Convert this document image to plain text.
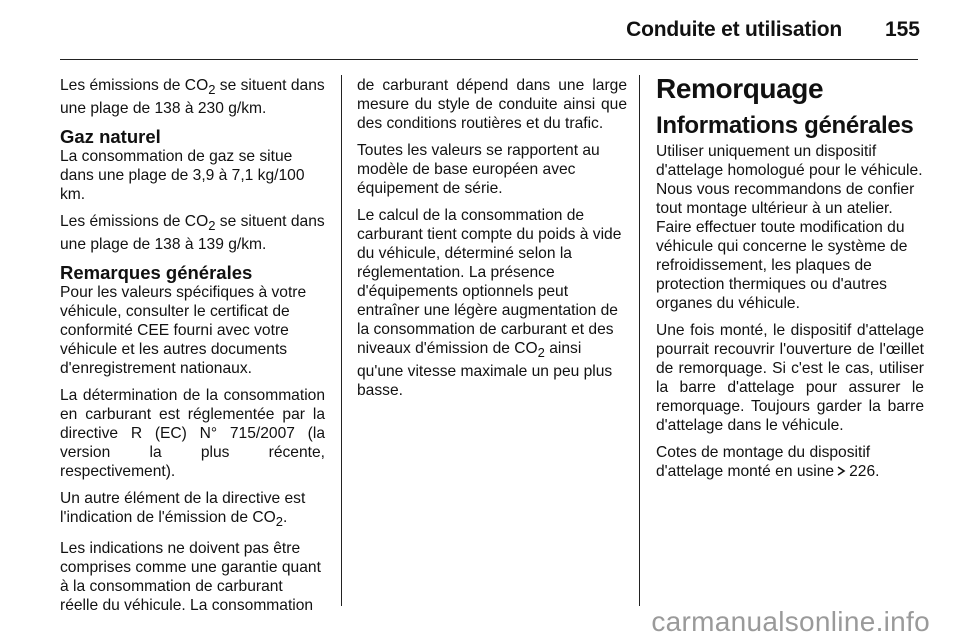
Conduite et utilisation 155

Les émissions de $CO_2$ se situent dans une plage de 138 à 230 g/km.

Gaz naturel

La consommation de gaz se situe dans une plage de 3,9 à 7,1 kg/100 km.

Les émissions de $CO_2$ se situent dans une plage de 138 à 139 g/km.

Remarques générales

Pour les valeurs spécifiques à votre véhicule, consulter le certificat de conformité CEE fourni avec votre véhicule et les autres documents d'enregistrement nationaux.

La détermination de la consommation en carburant est réglementée par la directive R (EC) N° 715/2007 (la version la plus récente, respectivement).

Un autre élément de la directive est l'indication de l'émission de $CO_2$.

Les indications ne doivent pas être comprises comme une garantie quant à la consommation de carburant réelle du véhicule. La consommation

de carburant dépend dans une large mesure du style de conduite ainsi que des conditions routières et du trafic.

Toutes les valeurs se rapportent au modèle de base européen avec équipement de série.

Le calcul de la consommation de carburant tient compte du poids à vide du véhicule, déterminé selon la réglementation. La présence d'équipements optionnels peut entraîner une légère augmentation de la consommation de carburant et des niveaux d'émission de $CO_2$ ainsi qu'une vitesse maximale un peu plus basse.

Remorquage
Informations générales

Utiliser uniquement un dispositif d'attelage homologué pour le véhicule. Nous vous recommandons de confier tout montage ultérieur à un atelier. Faire effectuer toute modification du véhicule qui concerne le système de refroidissement, les plaques de protection thermiques ou d'autres organes du véhicule.

Une fois monté, le dispositif d'attelage pourrait recouvrir l'ouverture de l'œillet de remorquage. Si c'est le cas, utiliser la barre d'attelage pour assurer le remorquage. Toujours garder la barre d'attelage dans le véhicule.

Cotes de montage du dispositif d'attelage monté en usine 226.

carmanualsonline.info
